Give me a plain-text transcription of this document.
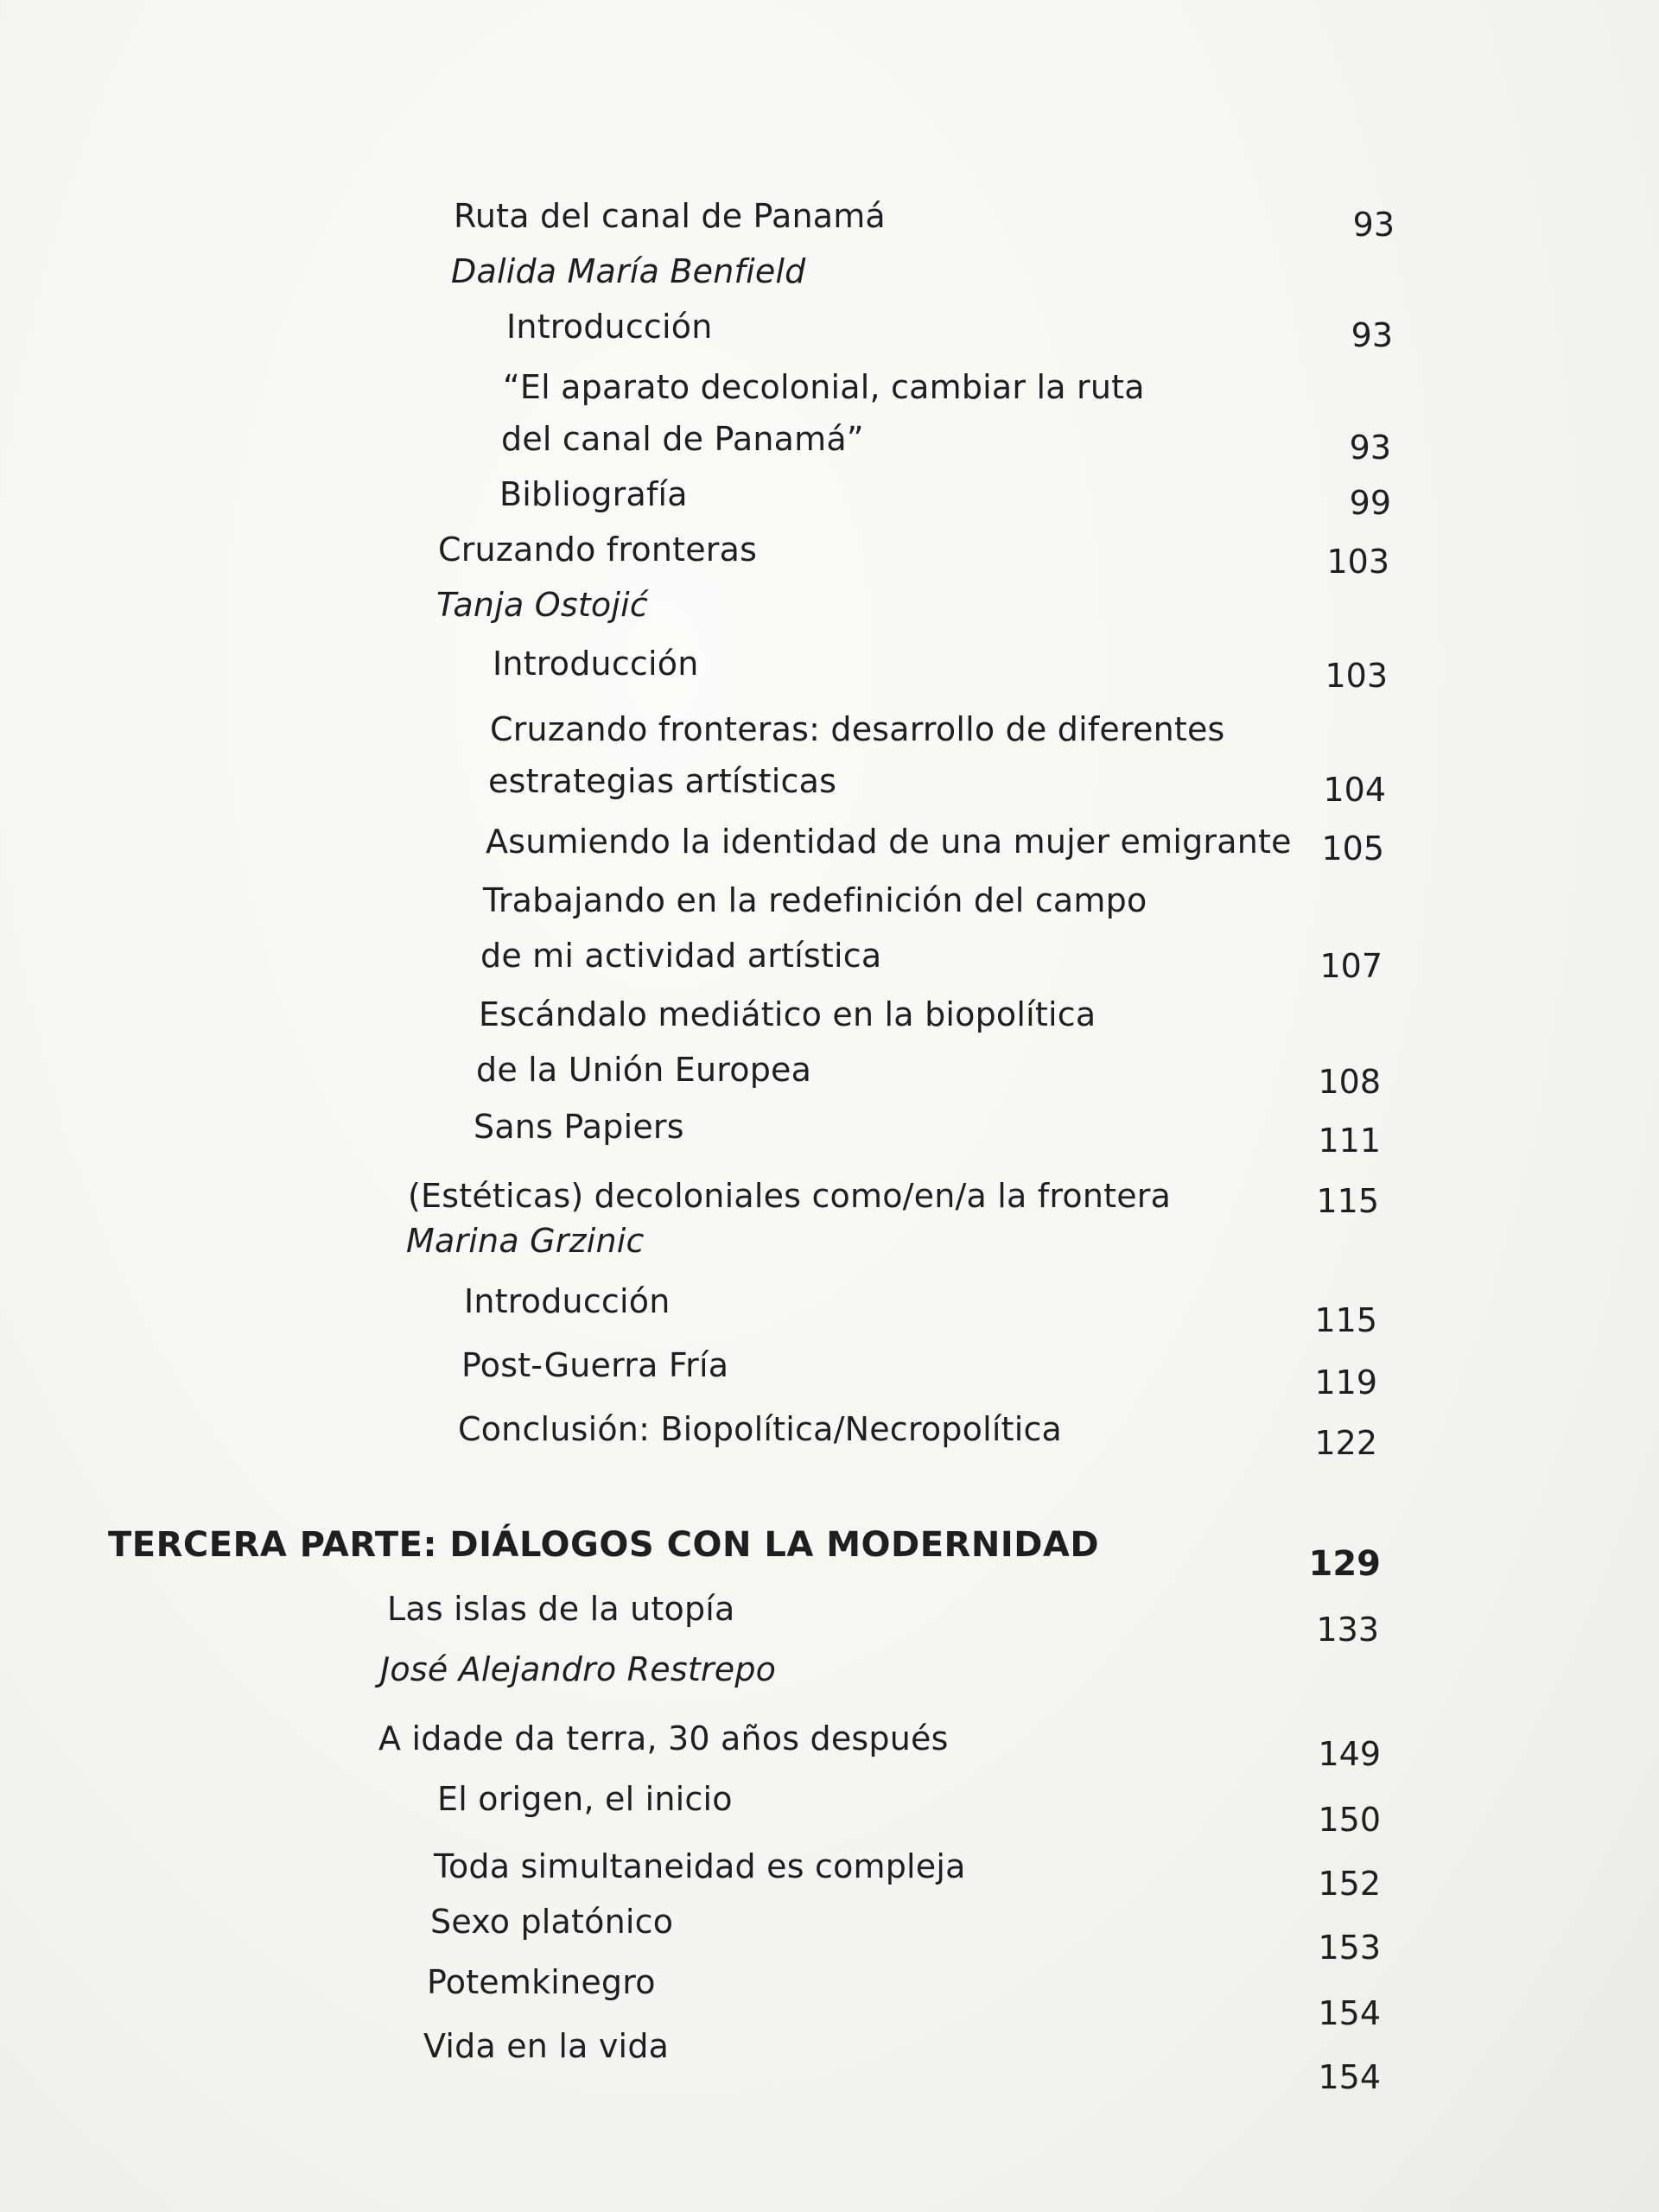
Ruta del canal de Panamá
Dalida María Benfield
Introducción
“El aparato decolonial, cambiar la ruta
del canal de Panamá”
Bibliografía
Cruzando fronteras
Tanja Ostojić
Introducción
Cruzando fronteras: desarrollo de diferentes
estrategias artísticas
Asumiendo la identidad de una mujer emigrante
Trabajando en la redefinición del campo
de mi actividad artística
Escándalo mediático en la biopolítica
de la Unión Europea
Sans Papiers
(Estéticas) decoloniales como/en/a la frontera
Marina Grzinic
Introducción
Post-Guerra Fría
Conclusión: Biopolítica/Necropolítica
TERCERA PARTE: DIÁLOGOS CON LA MODERNIDAD
Las islas de la utopía
José Alejandro Restrepo
A idade da terra, 30 años después
El origen, el inicio
Toda simultaneidad es compleja
Sexo platónico
Potemkinegro
Vida en la vida
93
93
93
99
103
103
104
105
107
108
111
115
115
119
122
129
133
149
150
152
153
154
154
